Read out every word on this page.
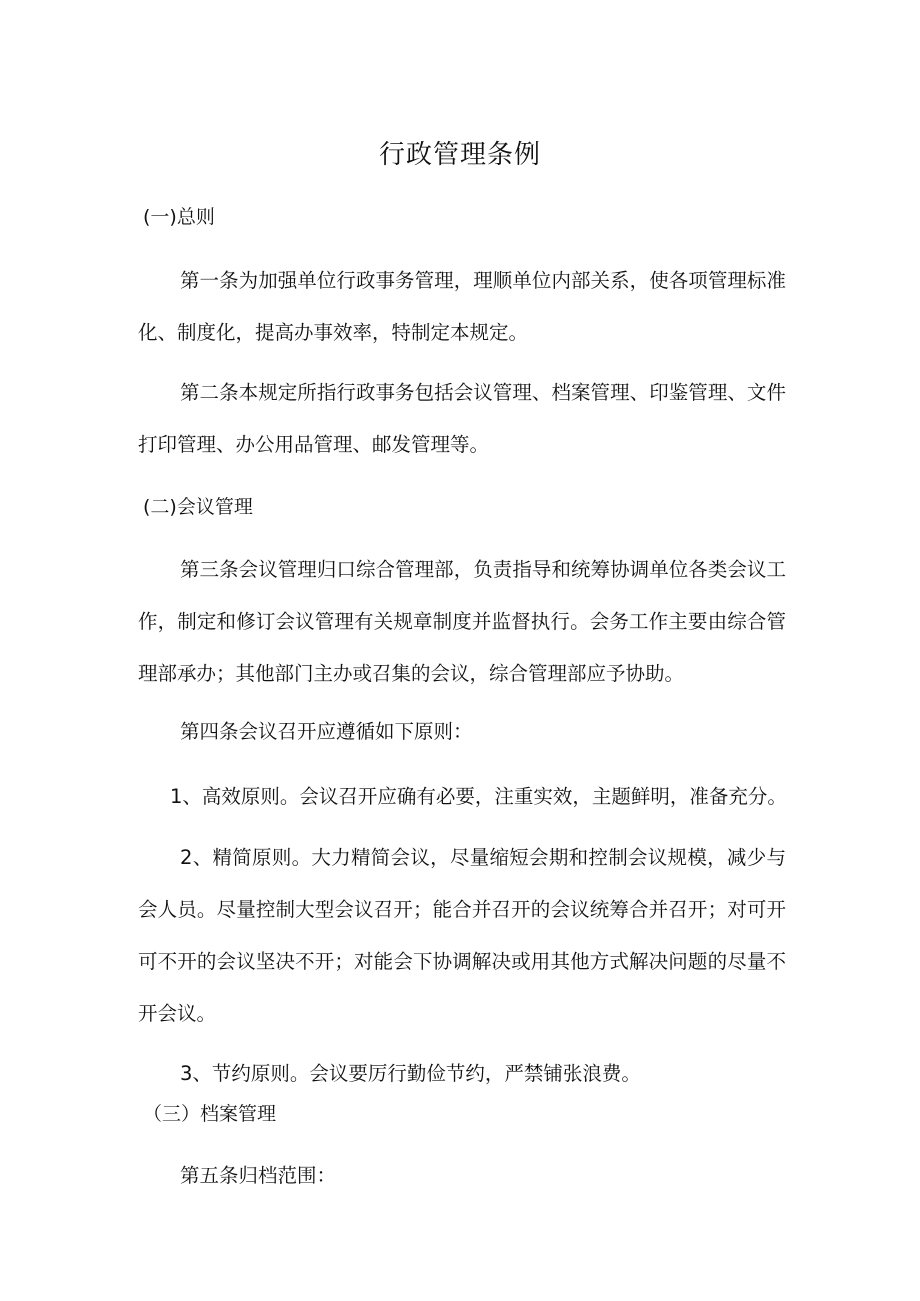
行政管理条例
(一)总则
第一条为加强单位行政事务管理，理顺单位内部关系，使各项管理标准化、制度化，提高办事效率，特制定本规定。
第二条本规定所指行政事务包括会议管理、档案管理、印鉴管理、文件打印管理、办公用品管理、邮发管理等。
(二)会议管理
第三条会议管理归口综合管理部，负责指导和统筹协调单位各类会议工作，制定和修订会议管理有关规章制度并监督执行。会务工作主要由综合管理部承办；其他部门主办或召集的会议，综合管理部应予协助。
第四条会议召开应遵循如下原则：
1、高效原则。会议召开应确有必要，注重实效，主题鲜明，准备充分。
2、精简原则。大力精简会议，尽量缩短会期和控制会议规模，减少与会人员。尽量控制大型会议召开；能合并召开的会议统筹合并召开；对可开可不开的会议坚决不开；对能会下协调解决或用其他方式解决问题的尽量不开会议。
3、节约原则。会议要厉行勤俭节约，严禁铺张浪费。
（三）档案管理
第五条归档范围：
